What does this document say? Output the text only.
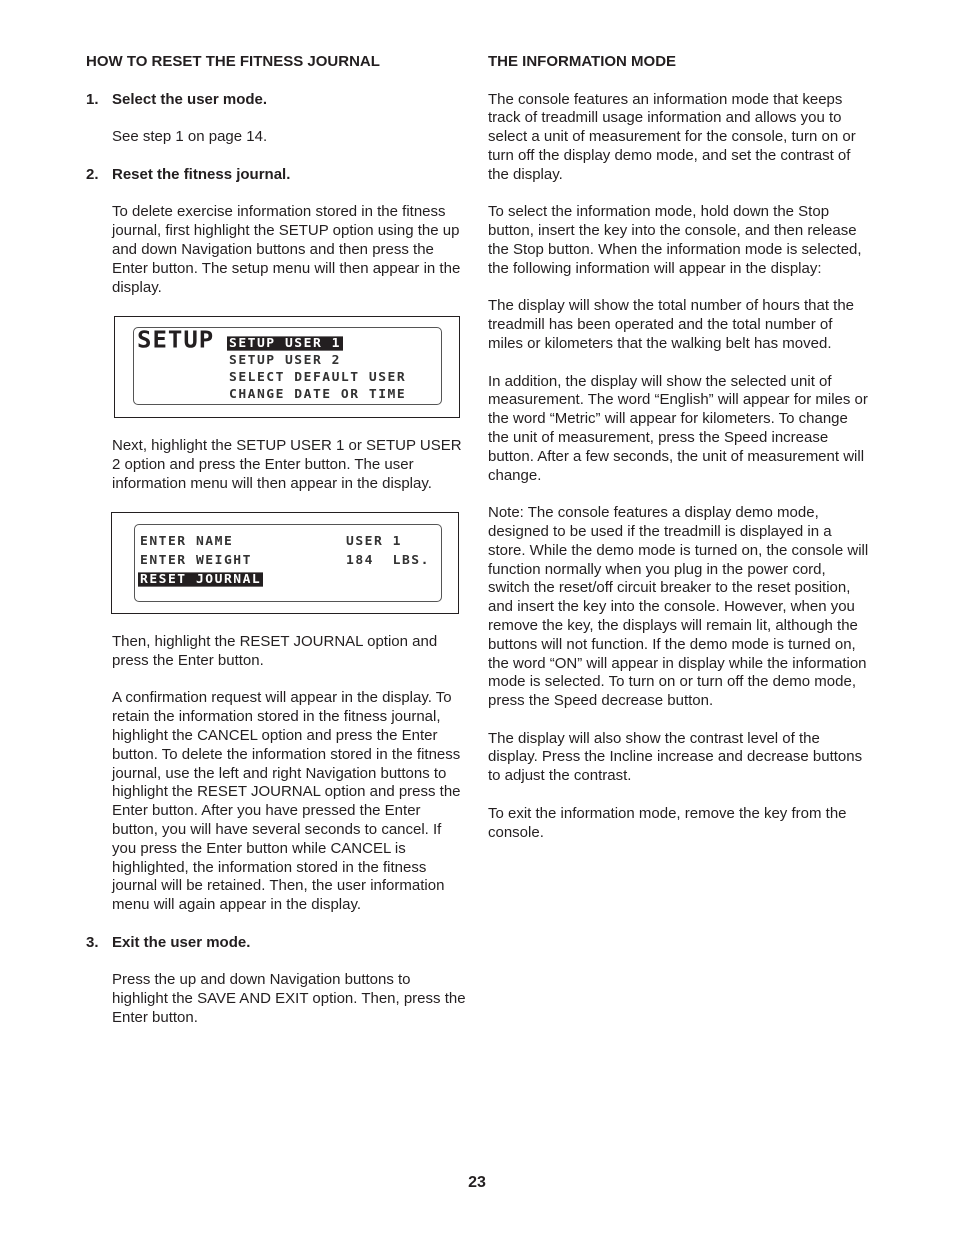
HOW TO RESET THE FITNESS JOURNAL
1. Select the user mode.
See step 1 on page 14.
2. Reset the fitness journal.
To delete exercise information stored in the fitness journal, first highlight the SETUP option using the up and down Navigation buttons and then press the Enter button. The setup menu will then appear in the display.
SETUP SETUP USER 1
SETUP USER 2
SELECT DEFAULT USER
CHANGE DATE OR TIME
Next, highlight the SETUP USER 1 or SETUP USER 2 option and press the Enter button. The user information menu will then appear in the display.
ENTER NAME	USER 1
ENTER WEIGHT	184  LBS.
RESET JOURNAL
Then, highlight the RESET JOURNAL option and press the Enter button.
A confirmation request will appear in the display. To retain the information stored in the fitness journal, highlight the CANCEL option and press the Enter button. To delete the information stored in the fitness journal, use the left and right Navigation buttons to highlight the RESET JOURNAL option and press the Enter button. After you have pressed the Enter button, you will have several seconds to cancel. If you press the Enter button while CANCEL is highlighted, the information stored in the fitness journal will be retained. Then, the user information menu will again appear in the display.
3. Exit the user mode.
Press the up and down Navigation buttons to highlight the SAVE AND EXIT option. Then, press the Enter button.
THE INFORMATION MODE

The console features an information mode that keeps track of treadmill usage information and allows you to select a unit of measurement for the console, turn on or turn off the display demo mode, and set the contrast of the display.

To select the information mode, hold down the Stop button, insert the key into the console, and then release the Stop button. When the information mode is selected, the following information will appear in the display:

The display will show the total number of hours that the treadmill has been operated and the total number of miles or kilometers that the walking belt has moved.

In addition, the display will show the selected unit of measurement. The word “English” will appear for miles or the word “Metric” will appear for kilometers. To change the unit of measurement, press the Speed increase button. After a few seconds, the unit of measurement will change.

Note: The console features a display demo mode, designed to be used if the treadmill is displayed in a store. While the demo mode is turned on, the console will function normally when you plug in the power cord, switch the reset/off circuit breaker to the reset position, and insert the key into the console. However, when you remove the key, the displays will remain lit, although the buttons will not function. If the demo mode is turned on, the word “ON” will appear in display while the information mode is selected. To turn on or turn off the demo mode, press the Speed decrease button.

The display will also show the contrast level of the display. Press the Incline increase and decrease buttons to adjust the contrast.

To exit the information mode, remove the key from the console.

23
